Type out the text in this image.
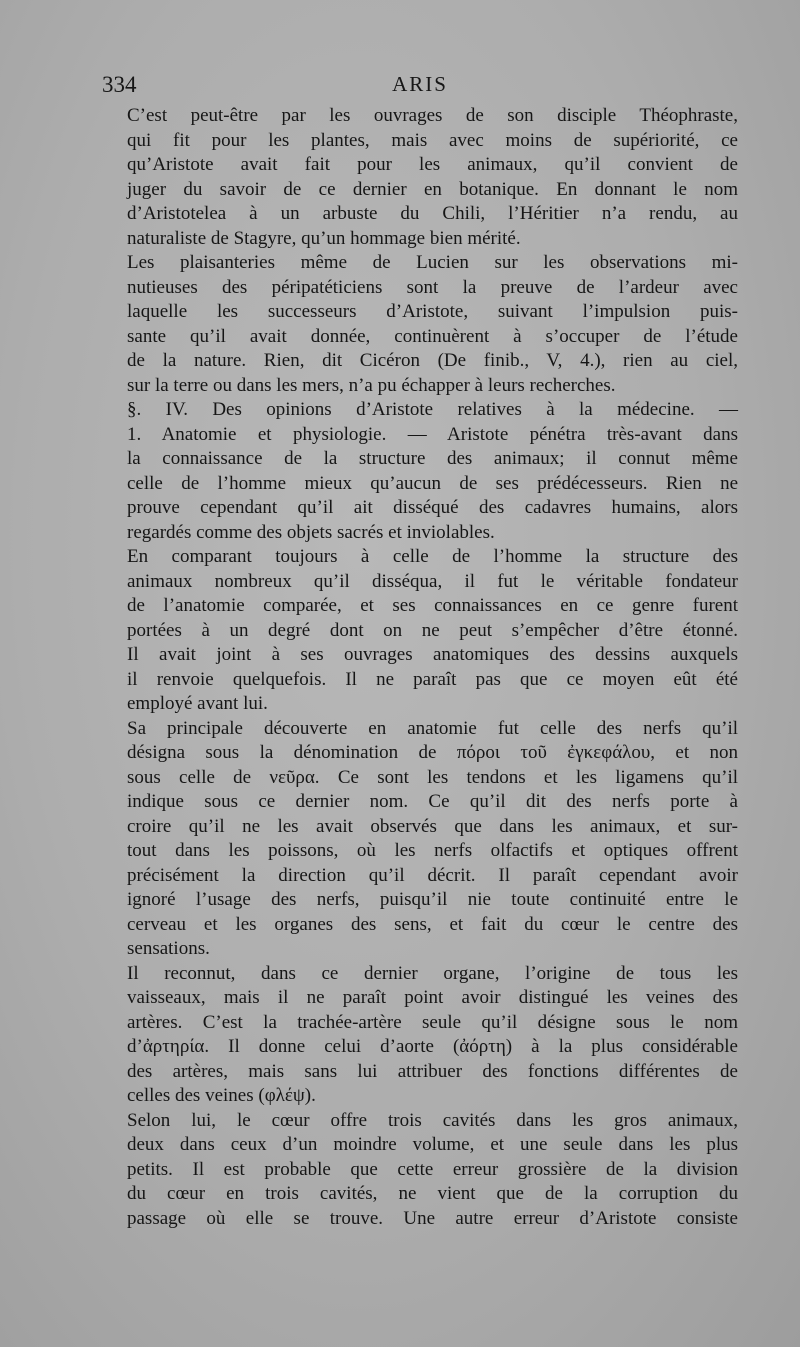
334	ARIS

C’est peut-être par les ouvrages de son disciple Théophraste,
qui fit pour les plantes, mais avec moins de supériorité, ce
qu’Aristote avait fait pour les animaux, qu’il convient de
juger du savoir de ce dernier en botanique. En donnant le nom
d’Aristotelea à un arbuste du Chili, l’Héritier n’a rendu, au
naturaliste de Stagyre, qu’un hommage bien mérité.

Les plaisanteries même de Lucien sur les observations mi-
nutieuses des péripatéticiens sont la preuve de l’ardeur avec
laquelle les successeurs d’Aristote, suivant l’impulsion puis-
sante qu’il avait donnée, continuèrent à s’occuper de l’étude
de la nature. Rien, dit Cicéron (De finib., V, 4.), rien au ciel,
sur la terre ou dans les mers, n’a pu échapper à leurs recherches.

§. IV. Des opinions d’Aristote relatives à la médecine. —
1. Anatomie et physiologie. — Aristote pénétra très-avant dans
la connaissance de la structure des animaux; il connut même
celle de l’homme mieux qu’aucun de ses prédécesseurs. Rien ne
prouve cependant qu’il ait disséqué des cadavres humains, alors
regardés comme des objets sacrés et inviolables.

En comparant toujours à celle de l’homme la structure des
animaux nombreux qu’il disséqua, il fut le véritable fondateur
de l’anatomie comparée, et ses connaissances en ce genre furent
portées à un degré dont on ne peut s’empêcher d’être étonné.
Il avait joint à ses ouvrages anatomiques des dessins auxquels
il renvoie quelquefois. Il ne paraît pas que ce moyen eût été
employé avant lui.

Sa principale découverte en anatomie fut celle des nerfs qu’il
désigna sous la dénomination de πόροι τοῦ ἐγκεφάλου, et non
sous celle de νεῦρα. Ce sont les tendons et les ligamens qu’il
indique sous ce dernier nom. Ce qu’il dit des nerfs porte à
croire qu’il ne les avait observés que dans les animaux, et sur-
tout dans les poissons, où les nerfs olfactifs et optiques offrent
précisément la direction qu’il décrit. Il paraît cependant avoir
ignoré l’usage des nerfs, puisqu’il nie toute continuité entre le
cerveau et les organes des sens, et fait du cœur le centre des
sensations.

Il reconnut, dans ce dernier organe, l’origine de tous les
vaisseaux, mais il ne paraît point avoir distingué les veines des
artères. C’est la trachée-artère seule qu’il désigne sous le nom
d’ἀρτηρία. Il donne celui d’aorte (ἀόρτη) à la plus considérable
des artères, mais sans lui attribuer des fonctions différentes de
celles des veines (φλέψ).

Selon lui, le cœur offre trois cavités dans les gros animaux,
deux dans ceux d’un moindre volume, et une seule dans les plus
petits. Il est probable que cette erreur grossière de la division
du cœur en trois cavités, ne vient que de la corruption du
passage où elle se trouve. Une autre erreur d’Aristote consiste
